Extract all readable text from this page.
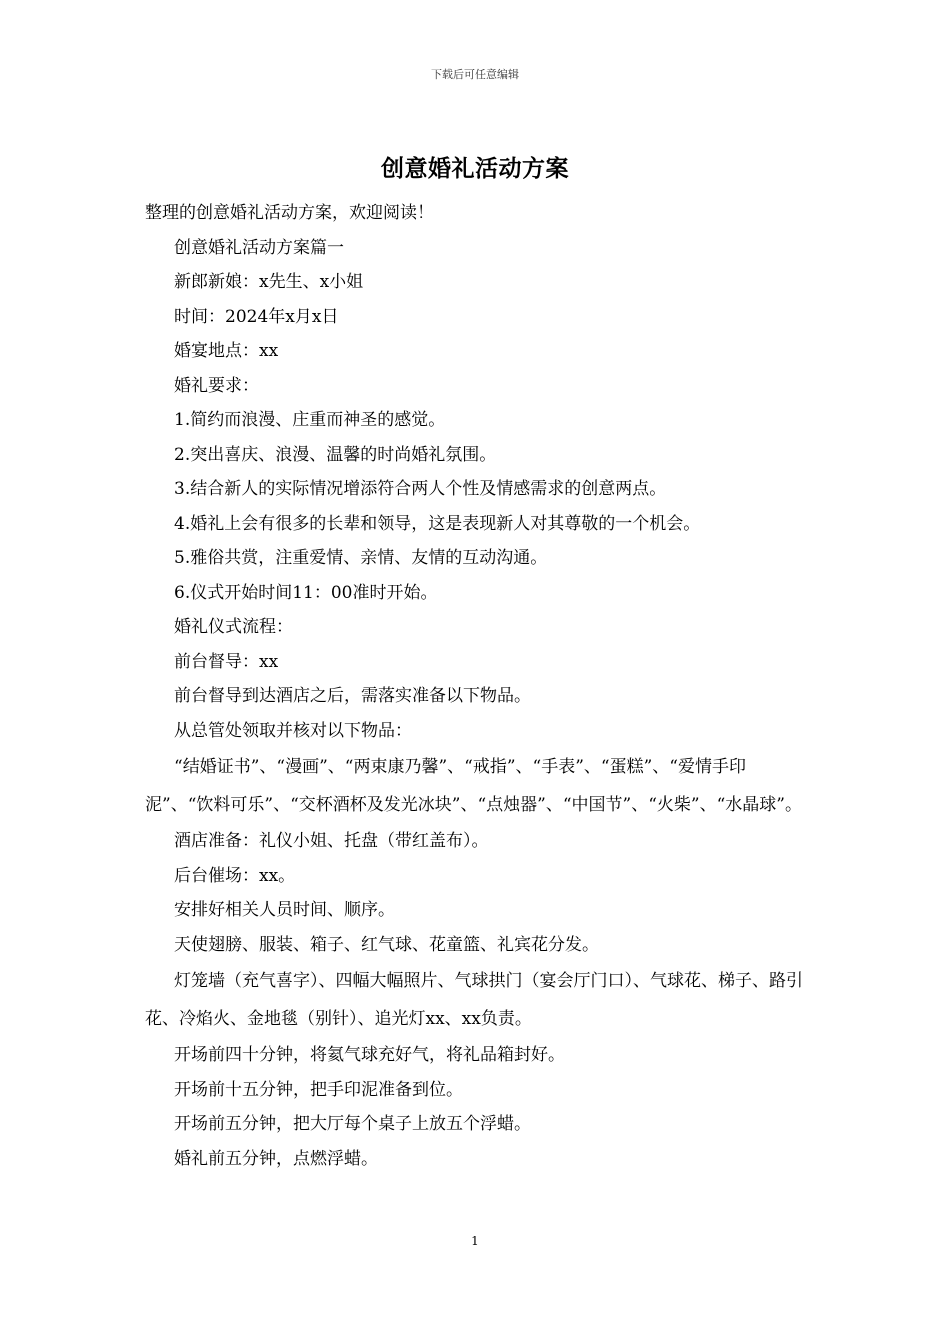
下载后可任意编辑
创意婚礼活动方案

整理的创意婚礼活动方案，欢迎阅读！

创意婚礼活动方案篇一

新郎新娘：x先生、x小姐

时间：2024年x月x日

婚宴地点：xx

婚礼要求：

1.简约而浪漫、庄重而神圣的感觉。

2.突出喜庆、浪漫、温馨的时尚婚礼氛围。

3.结合新人的实际情况增添符合两人个性及情感需求的创意两点。

4.婚礼上会有很多的长辈和领导，这是表现新人对其尊敬的一个机会。

5.雅俗共赏，注重爱情、亲情、友情的互动沟通。

6.仪式开始时间11：00准时开始。

婚礼仪式流程：

前台督导：xx

前台督导到达酒店之后，需落实准备以下物品。

从总管处领取并核对以下物品：

“结婚证书”、“漫画”、“两束康乃馨”、“戒指”、“手表”、“蛋糕”、“爱情手印泥”、“饮料可乐”、“交杯酒杯及发光冰块”、“点烛器”、“中国节”、“火柴”、“水晶球”。

酒店准备：礼仪小姐、托盘（带红盖布）。

后台催场：xx。

安排好相关人员时间、顺序。

天使翅膀、服装、箱子、红气球、花童篮、礼宾花分发。

灯笼墙（充气喜字）、四幅大幅照片、气球拱门（宴会厅门口）、气球花、梯子、路引花、冷焰火、金地毯（别针）、追光灯xx、xx负责。

开场前四十分钟，将氦气球充好气，将礼品箱封好。

开场前十五分钟，把手印泥准备到位。

开场前五分钟，把大厅每个桌子上放五个浮蜡。

婚礼前五分钟，点燃浮蜡。

1
